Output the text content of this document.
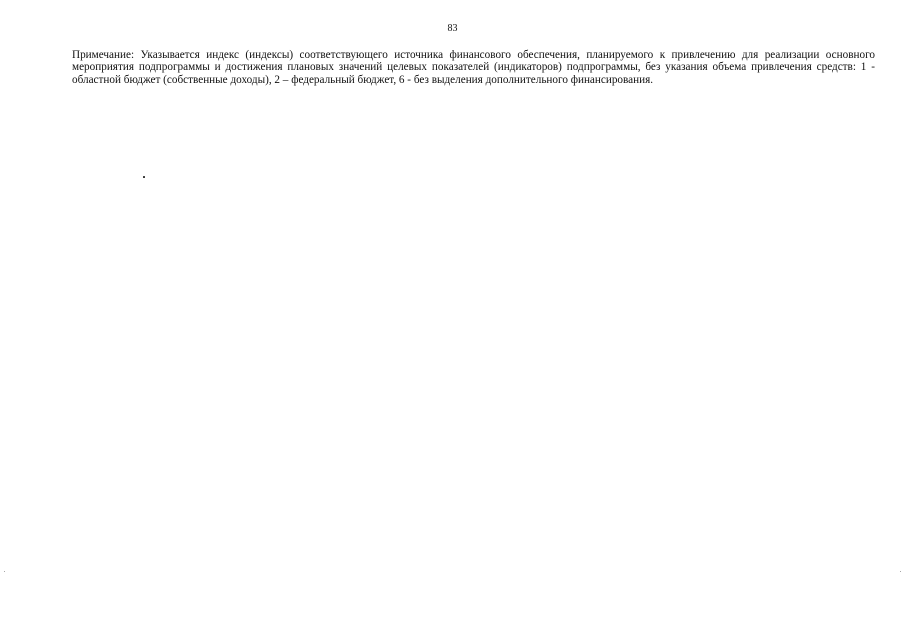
83

Примечание: Указывается индекс (индексы) соответствующего источника финансового обеспечения, планируемого к привлечению для реализации основного мероприятия подпрограммы и достижения плановых значений целевых показателей (индикаторов) подпрограммы, без указания объема привлечения средств: 1 - областной бюджет (собственные доходы), 2 – федеральный бюджет, 6 - без выделения дополнительного финансирования.
